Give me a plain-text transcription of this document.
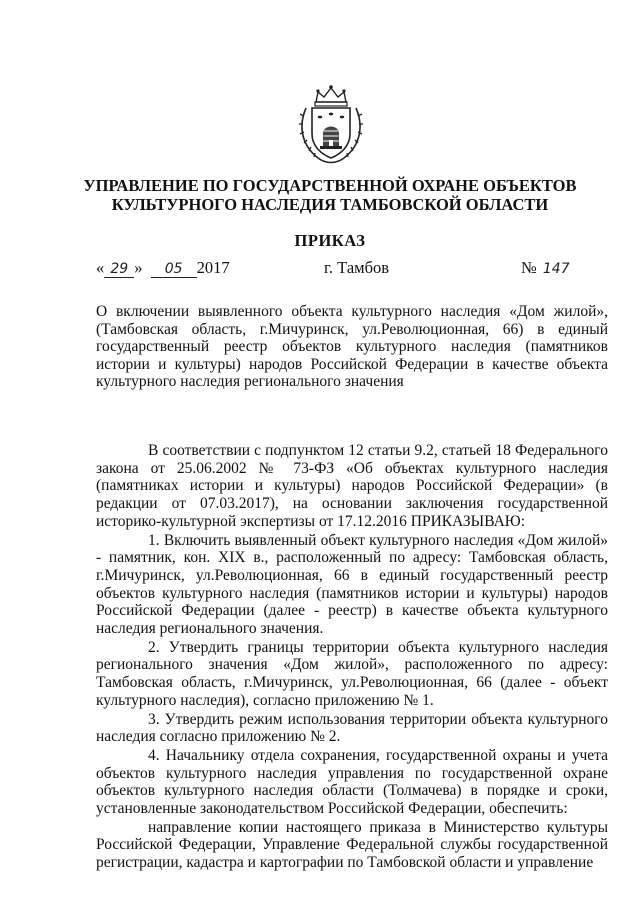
УПРАВЛЕНИЕ ПО ГОСУДАРСТВЕННОЙ ОХРАНЕ ОБЪЕКТОВ
КУЛЬТУРНОГО НАСЛЕДИЯ ТАМБОВСКОЙ ОБЛАСТИ
ПРИКАЗ
« 29 » 05 2017	г. Тамбов	№ 147
О включении выявленного объекта культурного наследия «Дом жилой», (Тамбовская область, г.Мичуринск, ул.Революционная, 66) в единый государственный реестр объектов культурного наследия (памятников истории и культуры) народов Российской Федерации в качестве объекта культурного наследия регионального значения

В соответствии с подпунктом 12 статьи 9.2, статьей 18 Федерального закона от 25.06.2002 № 73-ФЗ «Об объектах культурного наследия (памятниках истории и культуры) народов Российской Федерации» (в редакции от 07.03.2017), на основании заключения государственной историко-культурной экспертизы от 17.12.2016 ПРИКАЗЫВАЮ:

1. Включить выявленный объект культурного наследия «Дом жилой» - памятник, кон. XIX в., расположенный по адресу: Тамбовская область, г.Мичуринск, ул.Революционная, 66 в единый государственный реестр объектов культурного наследия (памятников истории и культуры) народов Российской Федерации (далее - реестр) в качестве объекта культурного наследия регионального значения.

2. Утвердить границы территории объекта культурного наследия регионального значения «Дом жилой», расположенного по адресу: Тамбовская область, г.Мичуринск, ул.Революционная, 66 (далее - объект культурного наследия), согласно приложению № 1.

3. Утвердить режим использования территории объекта культурного наследия согласно приложению № 2.

4. Начальнику отдела сохранения, государственной охраны и учета объектов культурного наследия управления по государственной охране объектов культурного наследия области (Толмачева) в порядке и сроки, установленные законодательством Российской Федерации, обеспечить:

направление копии настоящего приказа в Министерство культуры Российской Федерации, Управление Федеральной службы государственной регистрации, кадастра и картографии по Тамбовской области и управление
